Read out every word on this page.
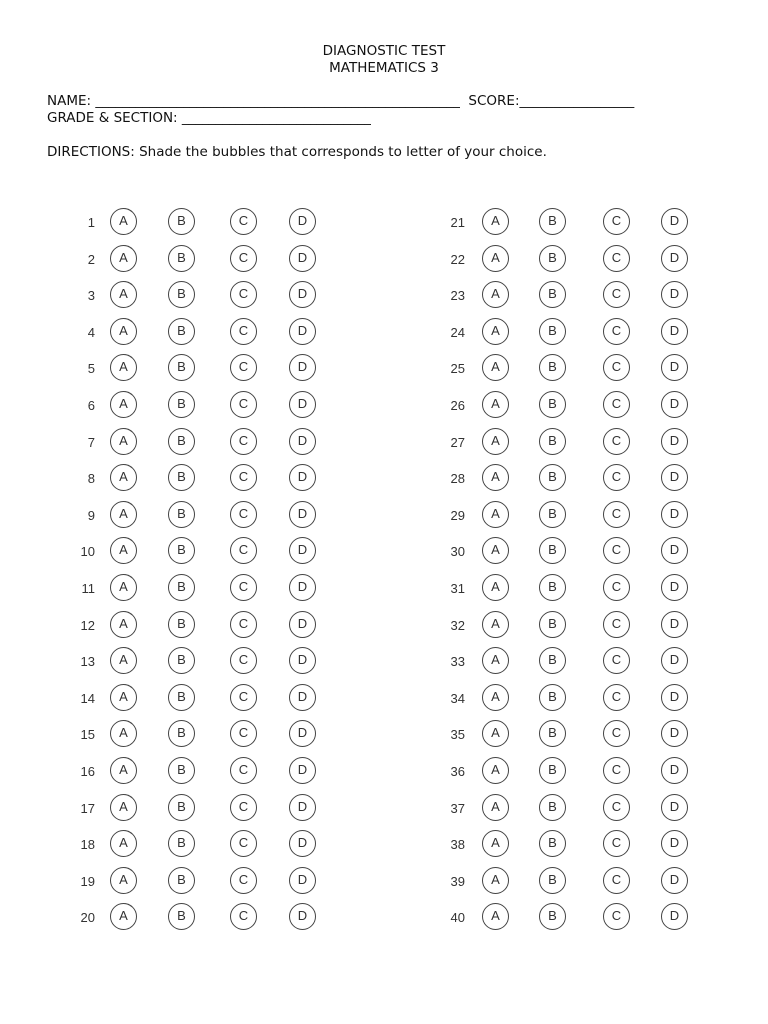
DIAGNOSTIC TEST
MATHEMATICS 3
NAME: ______________________________________________________  SCORE:_________________
GRADE & SECTION: ____________________________
DIRECTIONS: Shade the bubbles that corresponds to letter of your choice.
1	A	B	C	D
2	A	B	C	D
3	A	B	C	D
4	A	B	C	D
5	A	B	C	D
6	A	B	C	D
7	A	B	C	D
8	A	B	C	D
9	A	B	C	D
10	A	B	C	D
11	A	B	C	D
12	A	B	C	D
13	A	B	C	D
14	A	B	C	D
15	A	B	C	D
16	A	B	C	D
17	A	B	C	D
18	A	B	C	D
19	A	B	C	D
20	A	B	C	D
21	A	B	C	D
22	A	B	C	D
23	A	B	C	D
24	A	B	C	D
25	A	B	C	D
26	A	B	C	D
27	A	B	C	D
28	A	B	C	D
29	A	B	C	D
30	A	B	C	D
31	A	B	C	D
32	A	B	C	D
33	A	B	C	D
34	A	B	C	D
35	A	B	C	D
36	A	B	C	D
37	A	B	C	D
38	A	B	C	D
39	A	B	C	D
40	A	B	C	D
